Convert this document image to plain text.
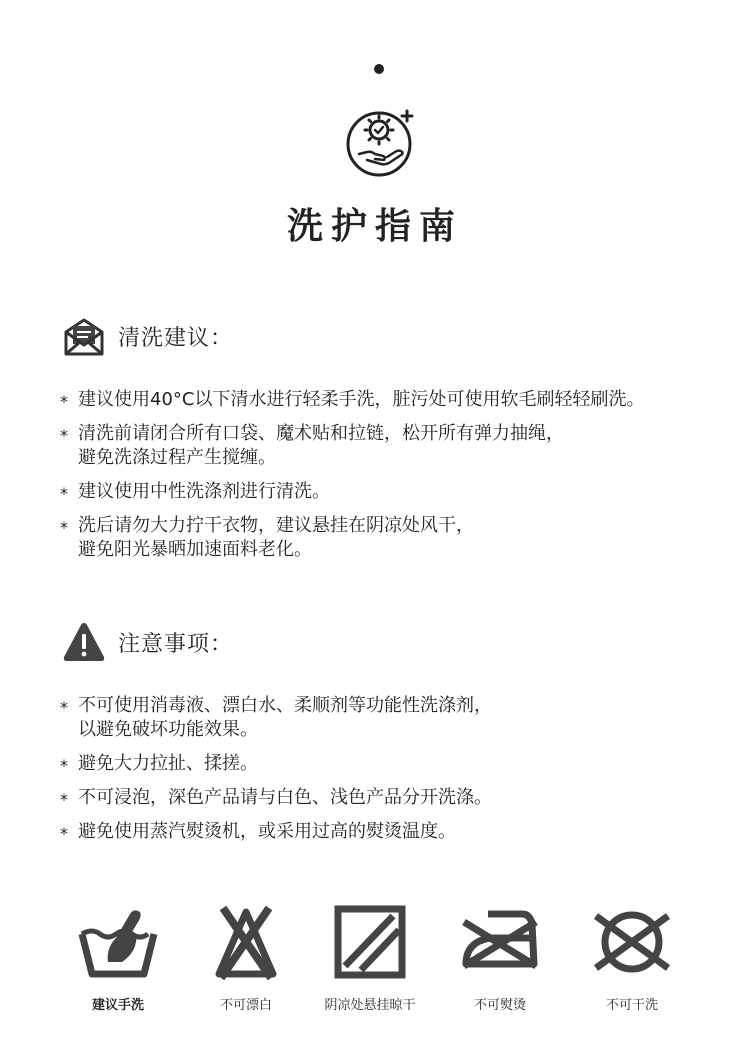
洗护指南
清洗建议：
* 建议使用40°C以下清水进行轻柔手洗，脏污处可使用软毛刷轻轻刷洗。
* 清洗前请闭合所有口袋、魔术贴和拉链，松开所有弹力抽绳，
避免洗涤过程产生搅缠。
* 建议使用中性洗涤剂进行清洗。
* 洗后请勿大力拧干衣物，建议悬挂在阴凉处风干，
避免阳光暴晒加速面料老化。
注意事项：
* 不可使用消毒液、漂白水、柔顺剂等功能性洗涤剂，
以避免破坏功能效果。
* 避免大力拉扯、揉搓。
* 不可浸泡，深色产品请与白色、浅色产品分开洗涤。
* 避免使用蒸汽熨烫机，或采用过高的熨烫温度。
建议手洗	不可漂白	阴凉处悬挂晾干	不可熨烫	不可干洗
